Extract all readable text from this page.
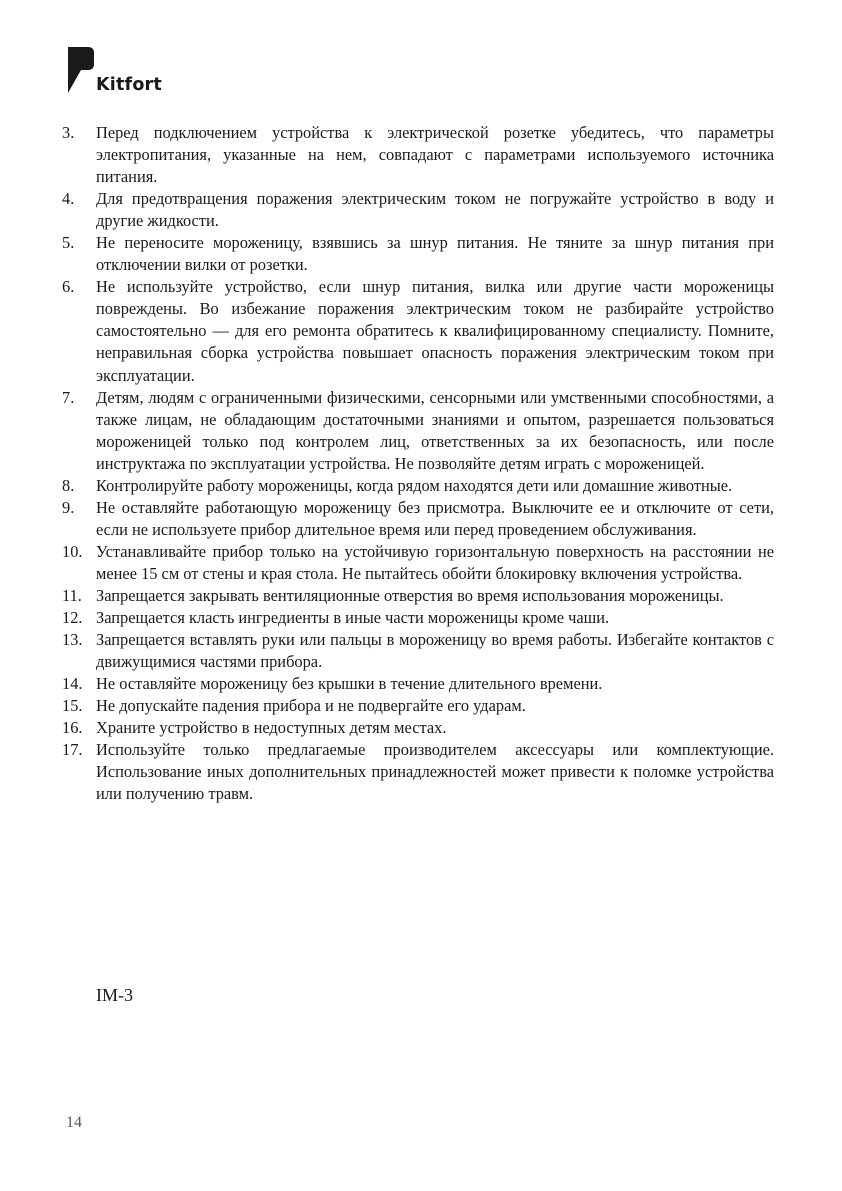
Kitfort
3.	Перед подключением устройства к электрической розетке убедитесь, что параметры электропитания, указанные на нем, совпадают с параметрами используемого источника питания.
4.	Для предотвращения поражения электрическим током не погружайте устройство в воду и другие жидкости.
5.	Не переносите мороженицу, взявшись за шнур питания. Не тяните за шнур питания при отключении вилки от розетки.
6.	Не используйте устройство, если шнур питания, вилка или другие части мороженицы повреждены. Во избежание поражения электрическим током не разбирайте устройство самостоятельно — для его ремонта обратитесь к квалифицированному специалисту. Помните, неправильная сборка устройства повышает опасность поражения электрическим током при эксплуатации.
7.	Детям, людям с ограниченными физическими, сенсорными или умственными способностями, а также лицам, не обладающим достаточными знаниями и опытом, разрешается пользоваться мороженицей только под контролем лиц, ответственных за их безопасность, или после инструктажа по эксплуатации устройства. Не позволяйте детям играть с мороженицей.
8.	Контролируйте работу мороженицы, когда рядом находятся дети или домашние животные.
9.	Не оставляйте работающую мороженицу без присмотра. Выключите ее и отключите от сети, если не используете прибор длительное время или перед проведением обслуживания.
10. Устанавливайте прибор только на устойчивую горизонтальную поверхность на расстоянии не менее 15 см от стены и края стола. Не пытайтесь обойти блокировку включения устройства.
11. Запрещается закрывать вентиляционные отверстия во время использования мороженицы.
12. Запрещается класть ингредиенты в иные части мороженицы кроме чаши.
13. Запрещается вставлять руки или пальцы в мороженицу во время работы. Избегайте контактов с движущимися частями прибора.
14. Не оставляйте мороженицу без крышки в течение длительного времени.
15. Не допускайте падения прибора и не подвергайте его ударам.
16. Храните устройство в недоступных детям местах.
17. Используйте только предлагаемые производителем аксессуары или комплектующие. Использование иных дополнительных принадлежностей может привести к поломке устройства или получению травм.
IM-3
14
